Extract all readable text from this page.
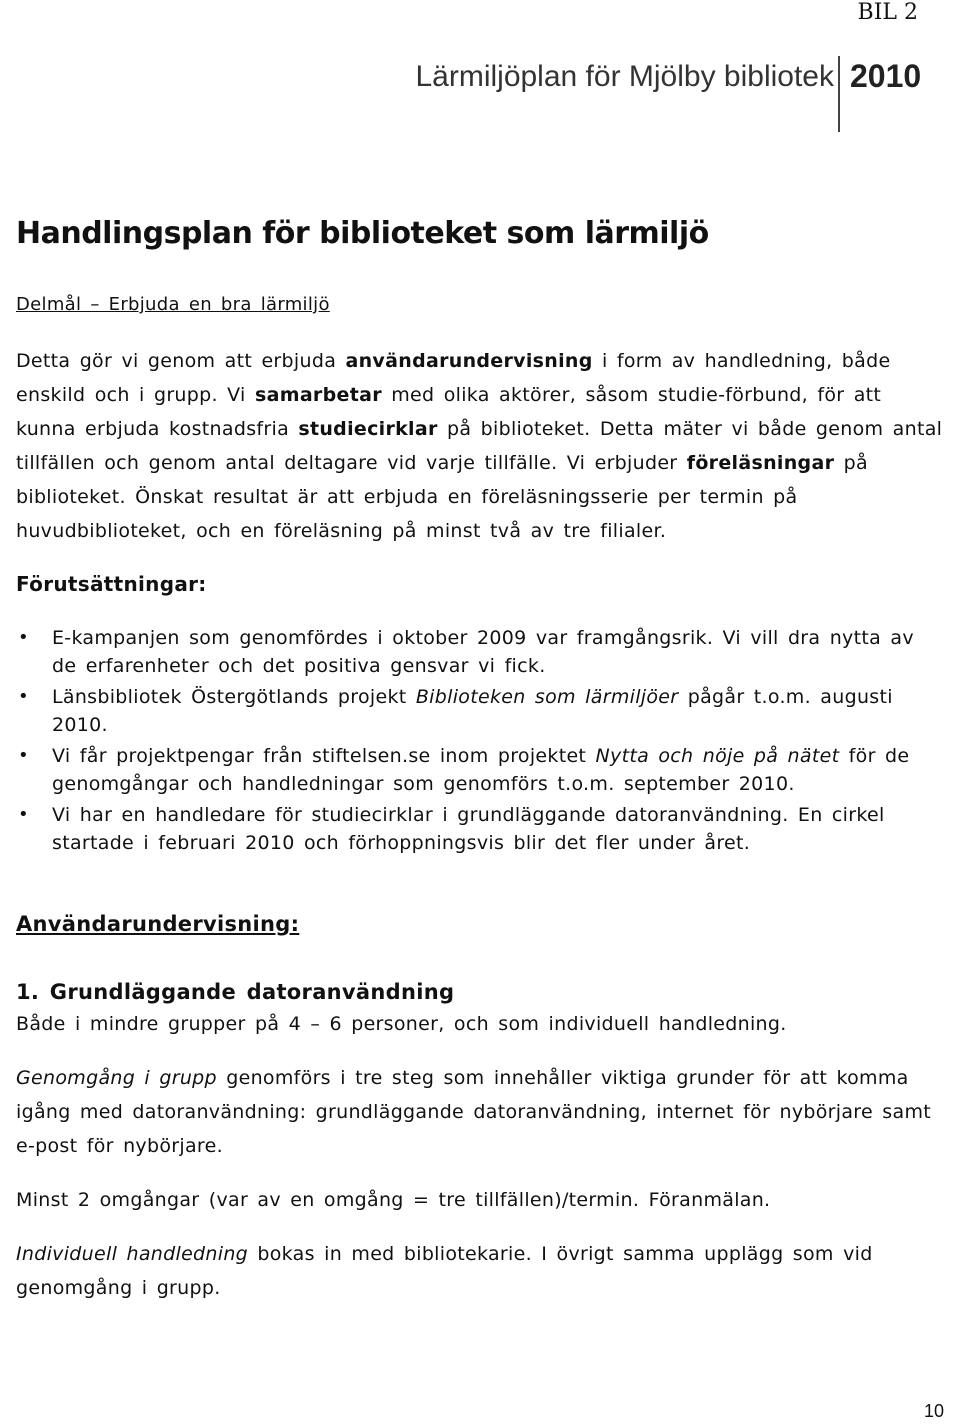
BIL 2
Lärmiljöplan för Mjölby bibliotek 2010
Handlingsplan för biblioteket som lärmiljö
Delmål – Erbjuda en bra lärmiljö
Detta gör vi genom att erbjuda användarundervisning i form av handledning, både enskild och i grupp. Vi samarbetar med olika aktörer, såsom studie-förbund, för att kunna erbjuda kostnadsfria studiecirklar på biblioteket. Detta mäter vi både genom antal tillfällen och genom antal deltagare vid varje tillfälle. Vi erbjuder föreläsningar på biblioteket. Önskat resultat är att erbjuda en föreläsningsserie per termin på huvudbiblioteket, och en föreläsning på minst två av tre filialer.
Förutsättningar:
• E-kampanjen som genomfördes i oktober 2009 var framgångsrik. Vi vill dra nytta av de erfarenheter och det positiva gensvar vi fick.
• Länsbibliotek Östergötlands projekt Biblioteken som lärmiljöer pågår t.o.m. augusti 2010.
• Vi får projektpengar från stiftelsen.se inom projektet Nytta och nöje på nätet för de genomgångar och handledningar som genomförs t.o.m. september 2010.
• Vi har en handledare för studiecirklar i grundläggande datoranvändning. En cirkel startade i februari 2010 och förhoppningsvis blir det fler under året.
Användarundervisning:
1. Grundläggande datoranvändning
Både i mindre grupper på 4 – 6 personer, och som individuell handledning.
Genomgång i grupp genomförs i tre steg som innehåller viktiga grunder för att komma igång med datoranvändning: grundläggande datoranvändning, internet för nybörjare samt e-post för nybörjare.
Minst 2 omgångar (var av en omgång = tre tillfällen)/termin. Föranmälan.
Individuell handledning bokas in med bibliotekarie. I övrigt samma upplägg som vid genomgång i grupp.
10
